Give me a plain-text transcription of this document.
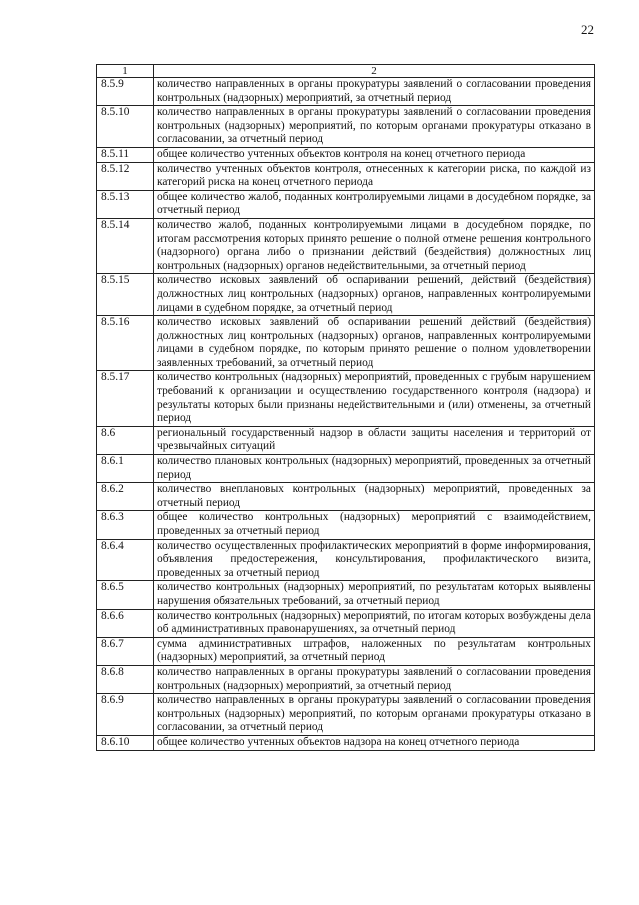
22
1	2
8.5.9	количество направленных в органы прокуратуры заявлений о согласовании проведения контрольных (надзорных) мероприятий, за отчетный период
8.5.10	количество направленных в органы прокуратуры заявлений о согласовании проведения контрольных (надзорных) мероприятий, по которым органами прокуратуры отказано в согласовании, за отчетный период
8.5.11	общее количество учтенных объектов контроля на конец отчетного периода
8.5.12	количество учтенных объектов контроля, отнесенных к категории риска, по каждой из категорий риска на конец отчетного периода
8.5.13	общее количество жалоб, поданных контролируемыми лицами в досудебном порядке, за отчетный период
8.5.14	количество жалоб, поданных контролируемыми лицами в досудебном порядке, по итогам рассмотрения которых принято решение о полной отмене решения контрольного (надзорного) органа либо о признании действий (бездействия) должностных лиц контрольных (надзорных) органов недействительными, за отчетный период
8.5.15	количество исковых заявлений об оспаривании решений, действий (бездействия) должностных лиц контрольных (надзорных) органов, направленных контролируемыми лицами в судебном порядке, за отчетный период
8.5.16	количество исковых заявлений об оспаривании решений действий (бездействия) должностных лиц контрольных (надзорных) органов, направленных контролируемыми лицами в судебном порядке, по которым принято решение о полном удовлетворении заявленных требований, за отчетный период
8.5.17	количество контрольных (надзорных) мероприятий, проведенных с грубым нарушением требований к организации и осуществлению государственного контроля (надзора) и результаты которых были признаны недействительными и (или) отменены, за отчетный период
8.6	региональный государственный надзор в области защиты населения и территорий от чрезвычайных ситуаций
8.6.1	количество плановых контрольных (надзорных) мероприятий, проведенных за отчетный период
8.6.2	количество внеплановых контрольных (надзорных) мероприятий, проведенных за отчетный период
8.6.3	общее количество контрольных (надзорных) мероприятий с взаимодействием, проведенных за отчетный период
8.6.4	количество осуществленных профилактических мероприятий в форме информирования, объявления предостережения, консультирования, профилактического визита, проведенных за отчетный период
8.6.5	количество контрольных (надзорных) мероприятий, по результатам которых выявлены нарушения обязательных требований, за отчетный период
8.6.6	количество контрольных (надзорных) мероприятий, по итогам которых возбуждены дела об административных правонарушениях, за отчетный период
8.6.7	сумма административных штрафов, наложенных по результатам контрольных (надзорных) мероприятий, за отчетный период
8.6.8	количество направленных в органы прокуратуры заявлений о согласовании проведения контрольных (надзорных) мероприятий, за отчетный период
8.6.9	количество направленных в органы прокуратуры заявлений о согласовании проведения контрольных (надзорных) мероприятий, по которым органами прокуратуры отказано в согласовании, за отчетный период
8.6.10	общее количество учтенных объектов надзора на конец отчетного периода
